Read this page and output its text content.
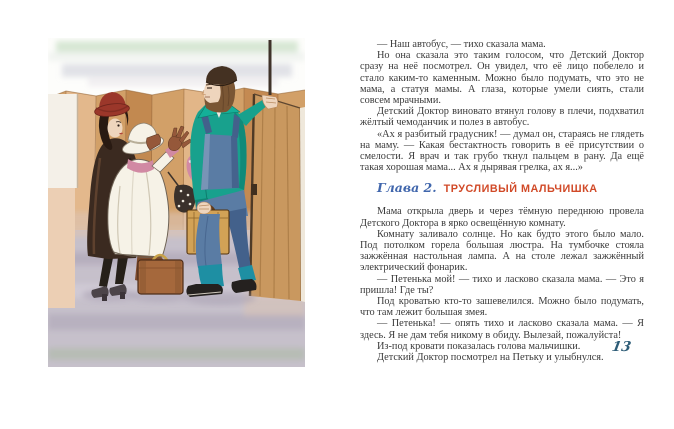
— Наш автобус, — тихо сказала мама.

Но она сказала это таким голосом, что Детский Доктор сразу на неё посмотрел. Он увидел, что её лицо побелело и стало каким-то каменным. Можно было подумать, что это не мама, а статуя мамы. А глаза, которые умели сиять, стали совсем мрачными.

Детский Доктор виновато втянул голову в плечи, подхватил жёлтый чемоданчик и полез в автобус.

«Ах я разбитый градусник! — думал он, стараясь не глядеть на маму. — Какая бестактность говорить в её присутствии о смелости. Я врач и так грубо ткнул пальцем в рану. Да ещё такая хорошая мама... Ах я дырявая грелка, ах я...»

Глава 2. ТРУСЛИВЫЙ МАЛЬЧИШКА

Мама открыла дверь и через тёмную переднюю провела Детского Доктора в ярко освещённую комнату.

Комнату заливало солнце. Но как будто этого было мало. Под потолком горела большая люстра. На тумбочке стояла зажжённая настольная лампа. А на столе лежал зажжённый электрический фонарик.

— Петенька мой! — тихо и ласково сказала мама. — Это я пришла! Где ты?

Под кроватью кто-то зашевелился. Можно было подумать, что там лежит большая змея.

— Петенька! — опять тихо и ласково сказала мама. — Я здесь. Я не дам тебя никому в обиду. Вылезай, пожалуйста!

Из-под кровати показалась голова мальчишки.

Детский Доктор посмотрел на Петьку и улыбнулся.

13
